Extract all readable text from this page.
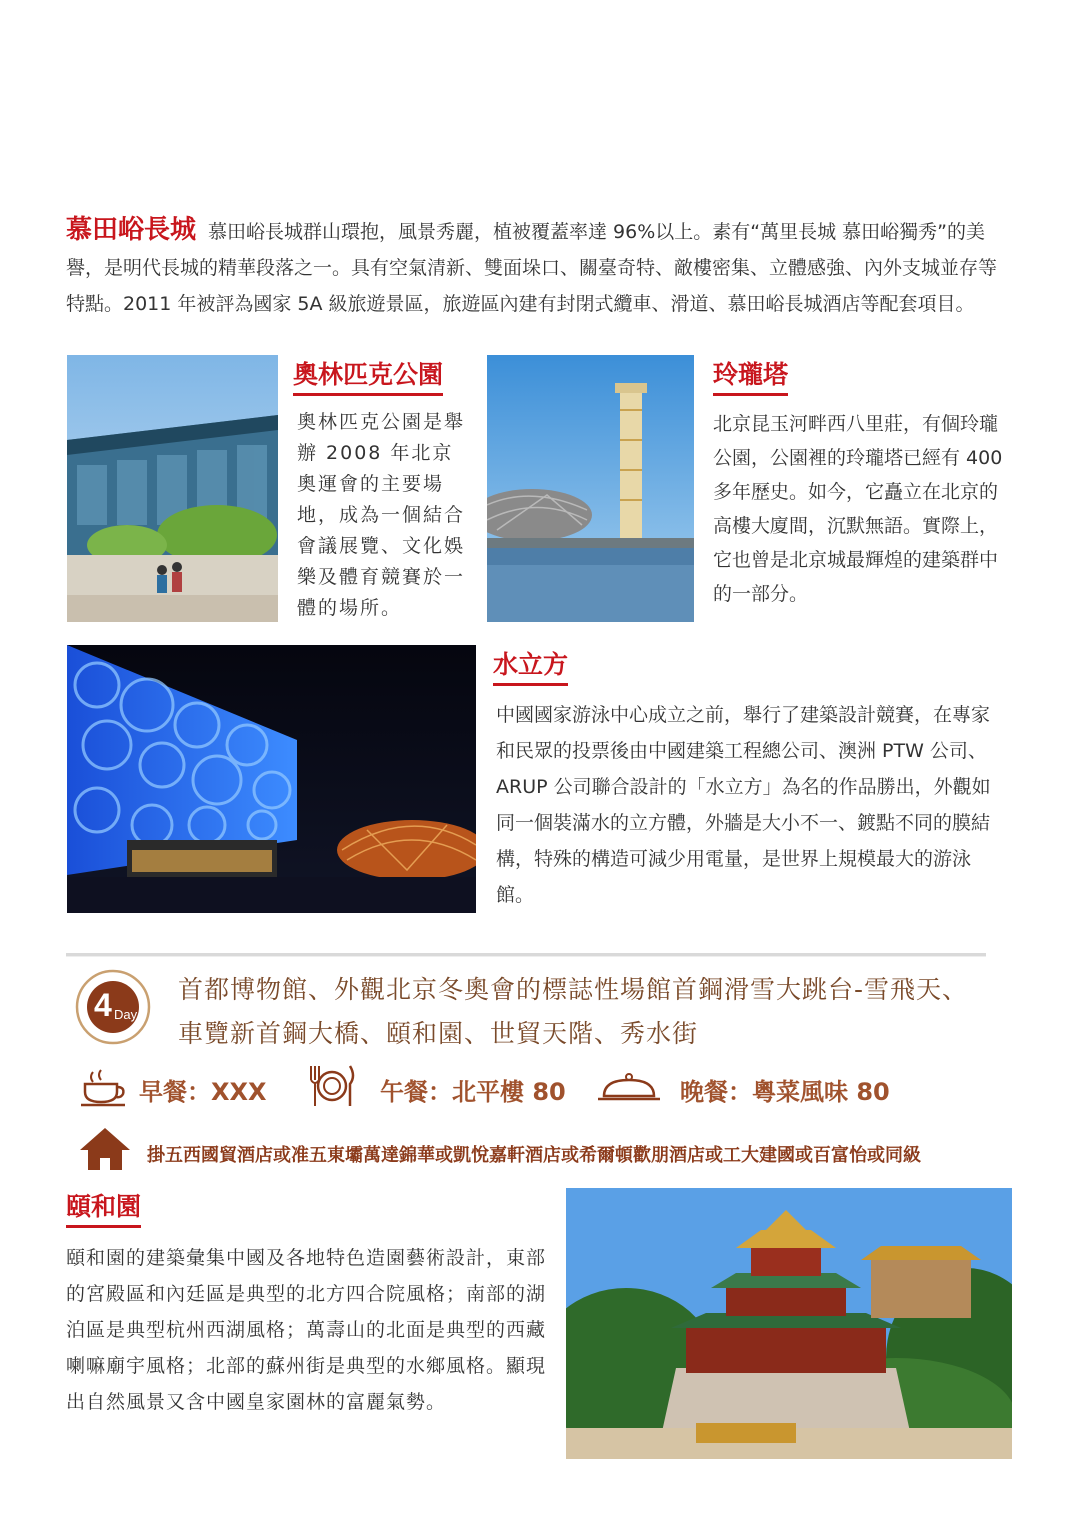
慕田峪長城 慕田峪長城群山環抱，風景秀麗，植被覆蓋率達 96%以上。素有“萬里長城 慕田峪獨秀”的美譽，是明代長城的精華段落之一。具有空氣清新、雙面垛口、關臺奇特、敵樓密集、立體感強、內外支城並存等特點。2011 年被評為國家 5A 級旅遊景區，旅遊區內建有封閉式纜車、滑道、慕田峪長城酒店等配套項目。
奧林匹克公園
奧林匹克公園是舉辦 2008 年北京奧運會的主要場地，成為一個結合會議展覽、文化娛樂及體育競賽於一體的場所。
玲瓏塔
北京昆玉河畔西八里莊，有個玲瓏公園，公園裡的玲瓏塔已經有 400 多年歷史。如今，它矗立在北京的高樓大廈間，沉默無語。實際上，它也曾是北京城最輝煌的建築群中的一部分。
水立方
中國國家游泳中心成立之前，舉行了建築設計競賽，在專家和民眾的投票後由中國建築工程總公司、澳洲 PTW 公司、ARUP 公司聯合設計的「水立方」為名的作品勝出，外觀如同一個裝滿水的立方體，外牆是大小不一、鍍點不同的膜結構，特殊的構造可減少用電量，是世界上規模最大的游泳館。
4 Day
首都博物館、外觀北京冬奧會的標誌性場館首鋼滑雪大跳台-雪飛天、
車覽新首鋼大橋、頤和園、世貿天階、秀水街
早餐：XXX	午餐：北平樓 80	晚餐：粵菜風味 80
掛五西國貿酒店或准五東壩萬達錦華或凱悅嘉軒酒店或希爾頓歡朋酒店或工大建國或百富怡或同級
頤和園
頤和園的建築彙集中國及各地特色造園藝術設計，東部的宮殿區和內廷區是典型的北方四合院風格；南部的湖泊區是典型杭州西湖風格；萬壽山的北面是典型的西藏喇嘛廟宇風格；北部的蘇州街是典型的水鄉風格。顯現出自然風景又含中國皇家園林的富麗氣勢。
